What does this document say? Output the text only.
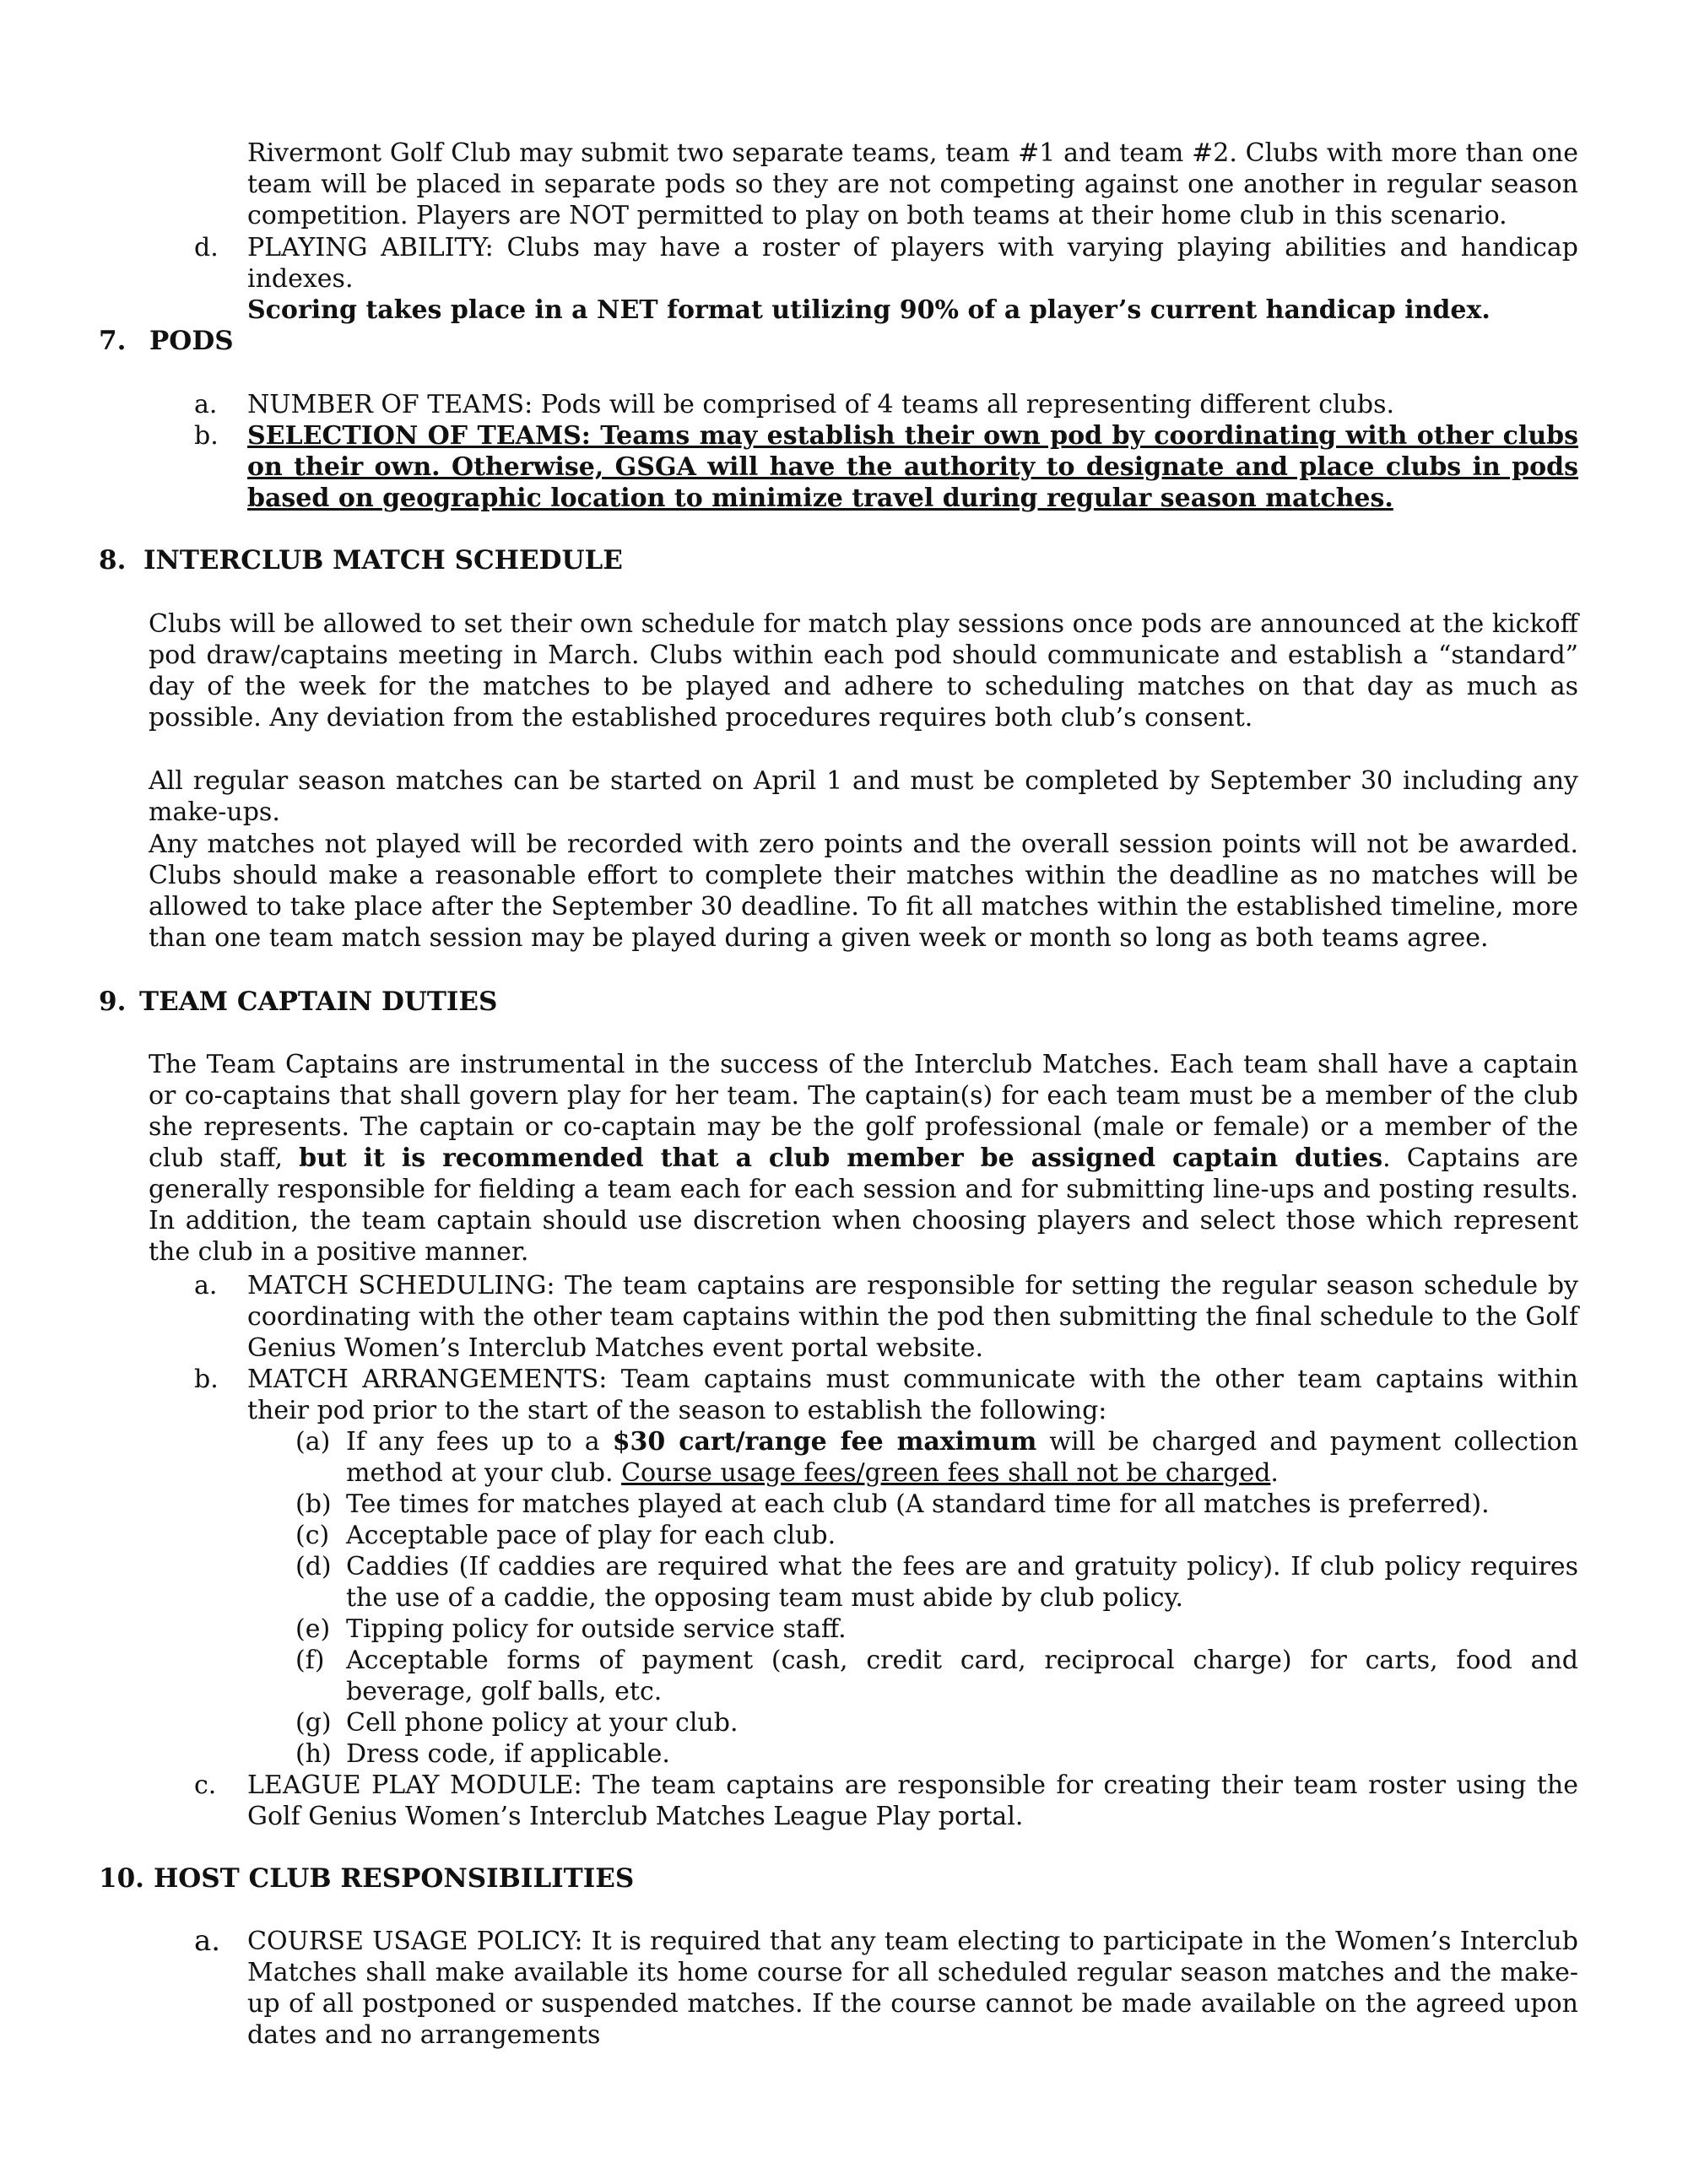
Rivermont Golf Club may submit two separate teams, team #1 and team #2. Clubs with more than one team will be placed in separate pods so they are not competing against one another in regular season competition. Players are NOT permitted to play on both teams at their home club in this scenario.

d. PLAYING ABILITY: Clubs may have a roster of players with varying playing abilities and handicap indexes.

Scoring takes place in a NET format utilizing 90% of a player’s current handicap index.

7. PODS
a. NUMBER OF TEAMS: Pods will be comprised of 4 teams all representing different clubs.

b. SELECTION OF TEAMS: Teams may establish their own pod by coordinating with other clubs on their own. Otherwise, GSGA will have the authority to designate and place clubs in pods based on geographic location to minimize travel during regular season matches.

8. INTERCLUB MATCH SCHEDULE

Clubs will be allowed to set their own schedule for match play sessions once pods are announced at the kickoff pod draw/captains meeting in March. Clubs within each pod should communicate and establish a “standard” day of the week for the matches to be played and adhere to scheduling matches on that day as much as possible. Any deviation from the established procedures requires both club’s consent.

All regular season matches can be started on April 1 and must be completed by September 30 including any make-ups.

Any matches not played will be recorded with zero points and the overall session points will not be awarded. Clubs should make a reasonable effort to complete their matches within the deadline as no matches will be allowed to take place after the September 30 deadline. To fit all matches within the established timeline, more than one team match session may be played during a given week or month so long as both teams agree.

9. TEAM CAPTAIN DUTIES

The Team Captains are instrumental in the success of the Interclub Matches. Each team shall have a captain or co-captains that shall govern play for her team. The captain(s) for each team must be a member of the club she represents. The captain or co-captain may be the golf professional (male or female) or a member of the club staff, but it is recommended that a club member be assigned captain duties. Captains are generally responsible for fielding a team each for each session and for submitting line-ups and posting results. In addition, the team captain should use discretion when choosing players and select those which represent the club in a positive manner.

a. MATCH SCHEDULING: The team captains are responsible for setting the regular season schedule by coordinating with the other team captains within the pod then submitting the final schedule to the Golf Genius Women’s Interclub Matches event portal website.

b. MATCH ARRANGEMENTS: Team captains must communicate with the other team captains within their pod prior to the start of the season to establish the following:

(a) If any fees up to a $30 cart/range fee maximum will be charged and payment collection method at your club. Course usage fees/green fees shall not be charged.

(b) Tee times for matches played at each club (A standard time for all matches is preferred).

(c) Acceptable pace of play for each club.

(d) Caddies (If caddies are required what the fees are and gratuity policy). If club policy requires the use of a caddie, the opposing team must abide by club policy.

(e) Tipping policy for outside service staff.

(f) Acceptable forms of payment (cash, credit card, reciprocal charge) for carts, food and beverage, golf balls, etc.

(g) Cell phone policy at your club.

(h) Dress code, if applicable.

c. LEAGUE PLAY MODULE: The team captains are responsible for creating their team roster using the Golf Genius Women’s Interclub Matches League Play portal.

10. HOST CLUB RESPONSIBILITIES
a. COURSE USAGE POLICY: It is required that any team electing to participate in the Women’s Interclub Matches shall make available its home course for all scheduled regular season matches and the make-up of all postponed or suspended matches. If the course cannot be made available on the agreed upon dates and no arrangements
